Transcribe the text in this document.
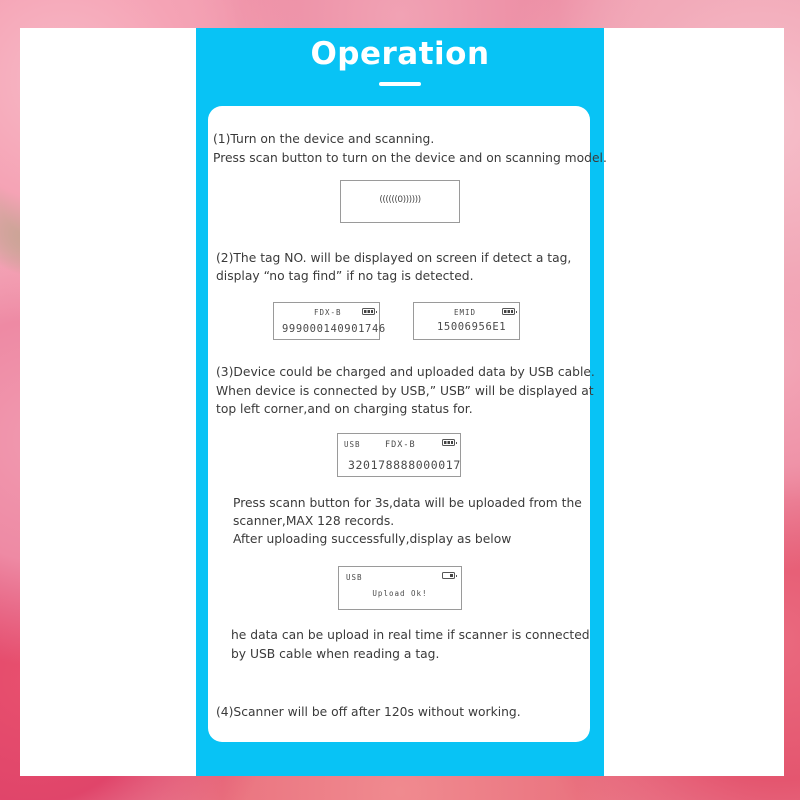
Operation
(1)Turn on the device and scanning.
Press scan button to turn on the device and on scanning model.
((((((0))))))
(2)The tag NO. will be displayed on screen if detect a tag,
display “no tag find” if no tag is detected.
FDX-B
999000140901746
EMID
15006956E1
(3)Device could be charged and uploaded data by USB cable.
When device is connected by USB,” USB” will be displayed at
top left corner,and on charging status for.
USB	FDX-B
320178888000017
Press scann button for 3s,data will be uploaded from the
scanner,MAX 128 records.
After uploading successfully,display as below
USB
Upload Ok!
he data can be upload in real time if scanner is connected
by USB cable when reading a tag.
(4)Scanner will be off after 120s without working.
